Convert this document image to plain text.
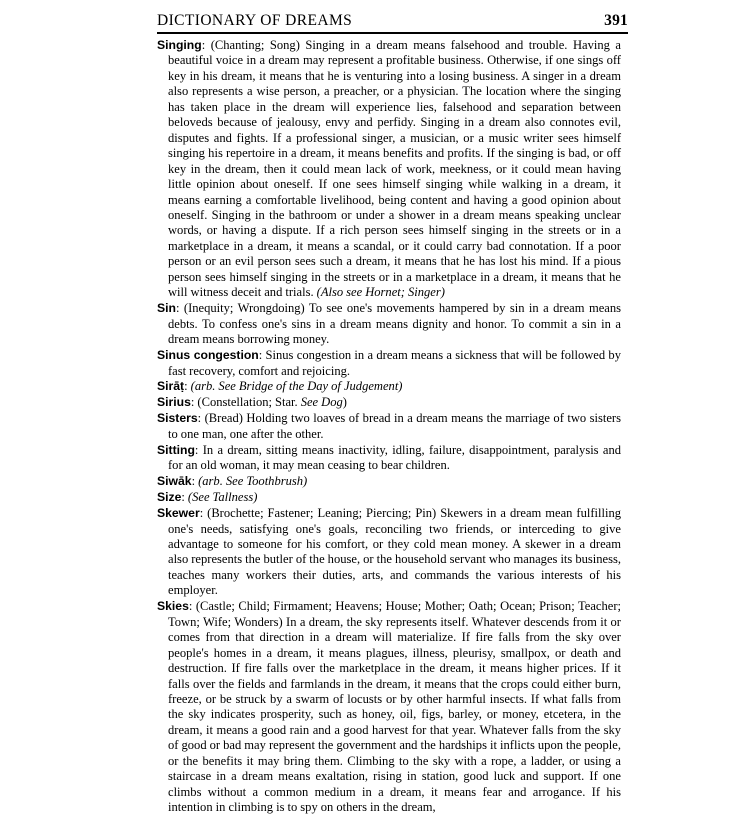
DICTIONARY OF DREAMS	391

Singing: (Chanting; Song) Singing in a dream means falsehood and trouble. Having a beautiful voice in a dream may represent a profitable business. Otherwise, if one sings off key in his dream, it means that he is venturing into a losing business. A singer in a dream also represents a wise person, a preacher, or a physician. The location where the singing has taken place in the dream will experience lies, falsehood and separation between beloveds because of jealousy, envy and perfidy. Singing in a dream also connotes evil, disputes and fights. If a professional singer, a musician, or a music writer sees himself singing his repertoire in a dream, it means benefits and profits. If the singing is bad, or off key in the dream, then it could mean lack of work, meekness, or it could mean having little opinion about oneself. If one sees himself singing while walking in a dream, it means earning a comfortable livelihood, being content and having a good opinion about oneself. Singing in the bathroom or under a shower in a dream means speaking unclear words, or having a dispute. If a rich person sees himself singing in the streets or in a marketplace in a dream, it means a scandal, or it could carry bad connotation. If a poor person or an evil person sees such a dream, it means that he has lost his mind. If a pious person sees himself singing in the streets or in a marketplace in a dream, it means that he will witness deceit and trials. (Also see Hornet; Singer)

Sin: (Inequity; Wrongdoing) To see one's movements hampered by sin in a dream means debts. To confess one's sins in a dream means dignity and honor. To commit a sin in a dream means borrowing money.

Sinus congestion: Sinus congestion in a dream means a sickness that will be followed by fast recovery, comfort and rejoicing.

Sirāṭ: (arb. See Bridge of the Day of Judgement)

Sirius: (Constellation; Star. See Dog)

Sisters: (Bread) Holding two loaves of bread in a dream means the marriage of two sisters to one man, one after the other.

Sitting: In a dream, sitting means inactivity, idling, failure, disappointment, paralysis and for an old woman, it may mean ceasing to bear children.

Siwāk: (arb. See Toothbrush)

Size: (See Tallness)

Skewer: (Brochette; Fastener; Leaning; Piercing; Pin) Skewers in a dream mean fulfilling one's needs, satisfying one's goals, reconciling two friends, or interceding to give advantage to someone for his comfort, or they cold mean money. A skewer in a dream also represents the butler of the house, or the household servant who manages its business, teaches many workers their duties, arts, and commands the various interests of his employer.

Skies: (Castle; Child; Firmament; Heavens; House; Mother; Oath; Ocean; Prison; Teacher; Town; Wife; Wonders) In a dream, the sky represents itself. Whatever descends from it or comes from that direction in a dream will materialize. If fire falls from the sky over people's homes in a dream, it means plagues, illness, pleurisy, smallpox, or death and destruction. If fire falls over the marketplace in the dream, it means higher prices. If it falls over the fields and farmlands in the dream, it means that the crops could either burn, freeze, or be struck by a swarm of locusts or by other harmful insects. If what falls from the sky indicates prosperity, such as honey, oil, figs, barley, or money, etcetera, in the dream, it means a good rain and a good harvest for that year. Whatever falls from the sky of good or bad may represent the government and the hardships it inflicts upon the people, or the benefits it may bring them. Climbing to the sky with a rope, a ladder, or using a staircase in a dream means exaltation, rising in station, good luck and support. If one climbs without a common medium in a dream, it means fear and arrogance. If his intention in climbing is to spy on others in the dream,
